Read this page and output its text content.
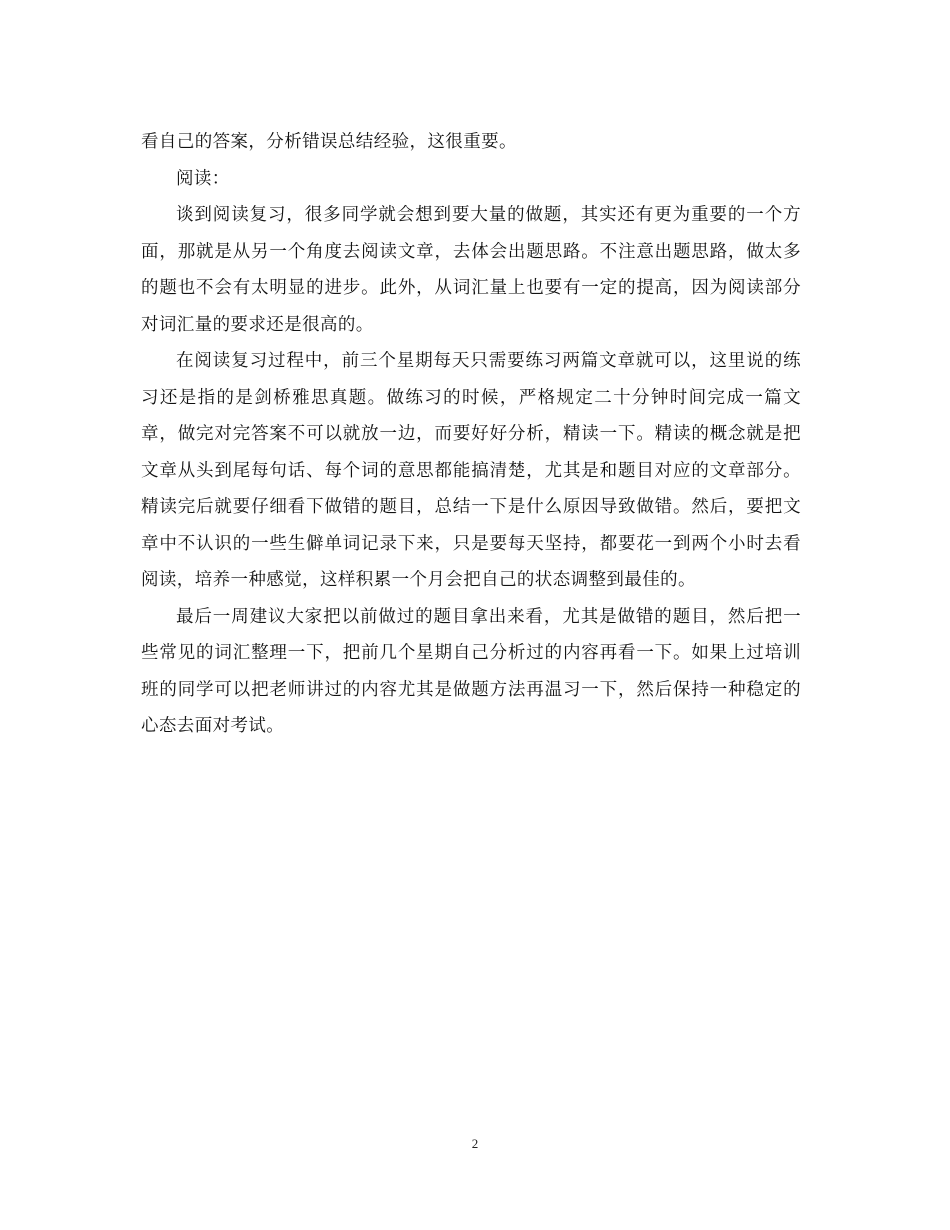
看自己的答案，分析错误总结经验，这很重要。

阅读：

谈到阅读复习，很多同学就会想到要大量的做题，其实还有更为重要的一个方面，那就是从另一个角度去阅读文章，去体会出题思路。不注意出题思路，做太多的题也不会有太明显的进步。此外，从词汇量上也要有一定的提高，因为阅读部分对词汇量的要求还是很高的。

在阅读复习过程中，前三个星期每天只需要练习两篇文章就可以，这里说的练习还是指的是剑桥雅思真题。做练习的时候，严格规定二十分钟时间完成一篇文章，做完对完答案不可以就放一边，而要好好分析，精读一下。精读的概念就是把文章从头到尾每句话、每个词的意思都能搞清楚，尤其是和题目对应的文章部分。精读完后就要仔细看下做错的题目，总结一下是什么原因导致做错。然后，要把文章中不认识的一些生僻单词记录下来，只是要每天坚持，都要花一到两个小时去看阅读，培养一种感觉，这样积累一个月会把自己的状态调整到最佳的。

最后一周建议大家把以前做过的题目拿出来看，尤其是做错的题目，然后把一些常见的词汇整理一下，把前几个星期自己分析过的内容再看一下。如果上过培训班的同学可以把老师讲过的内容尤其是做题方法再温习一下，然后保持一种稳定的心态去面对考试。

2
